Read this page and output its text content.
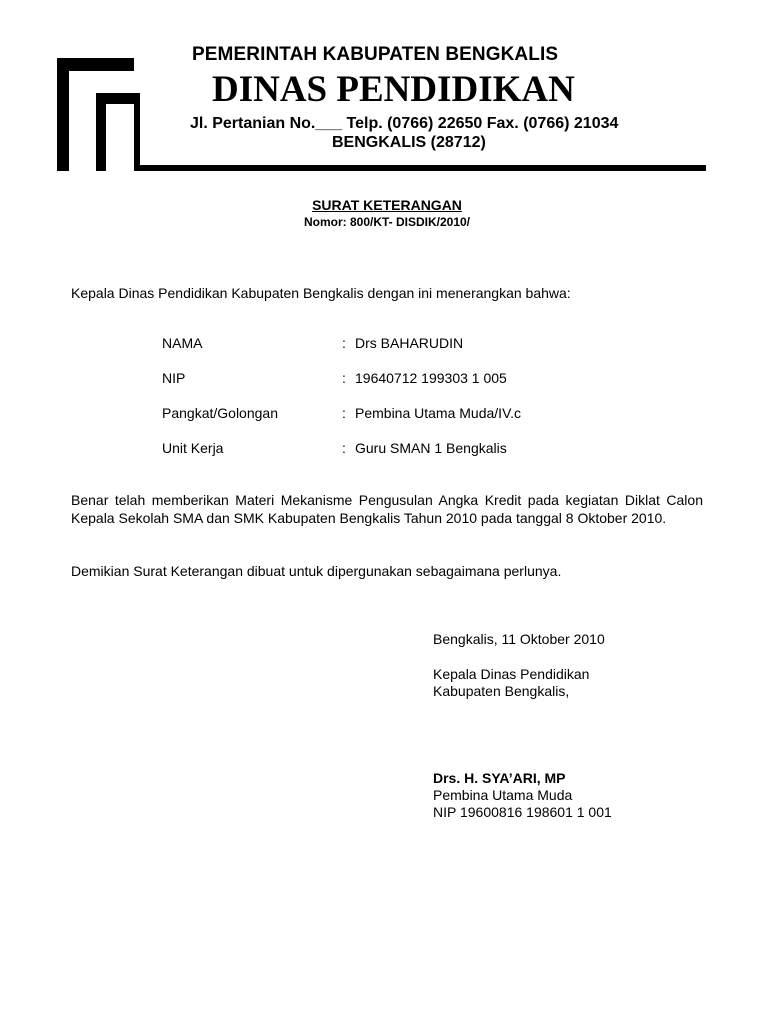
PEMERINTAH KABUPATEN BENGKALIS
DINAS PENDIDIKAN
Jl. Pertanian No.___ Telp. (0766) 22650 Fax. (0766) 21034
BENGKALIS (28712)
SURAT KETERANGAN
Nomor: 800/KT- DISDIK/2010/
Kepala Dinas Pendidikan Kabupaten Bengkalis dengan ini menerangkan bahwa:
NAMA	: Drs BAHARUDIN
NIP	: 19640712 199303 1 005
Pangkat/Golongan	: Pembina Utama Muda/IV.c
Unit Kerja	: Guru SMAN 1 Bengkalis
Benar telah memberikan Materi Mekanisme Pengusulan Angka Kredit pada kegiatan Diklat Calon Kepala Sekolah SMA dan SMK Kabupaten Bengkalis Tahun 2010 pada tanggal 8 Oktober 2010.
Demikian Surat Keterangan dibuat untuk dipergunakan sebagaimana perlunya.
Bengkalis, 11 Oktober 2010
Kepala Dinas Pendidikan
Kabupaten Bengkalis,
Drs. H. SYA’ARI, MP
Pembina Utama Muda
NIP 19600816 198601 1 001
